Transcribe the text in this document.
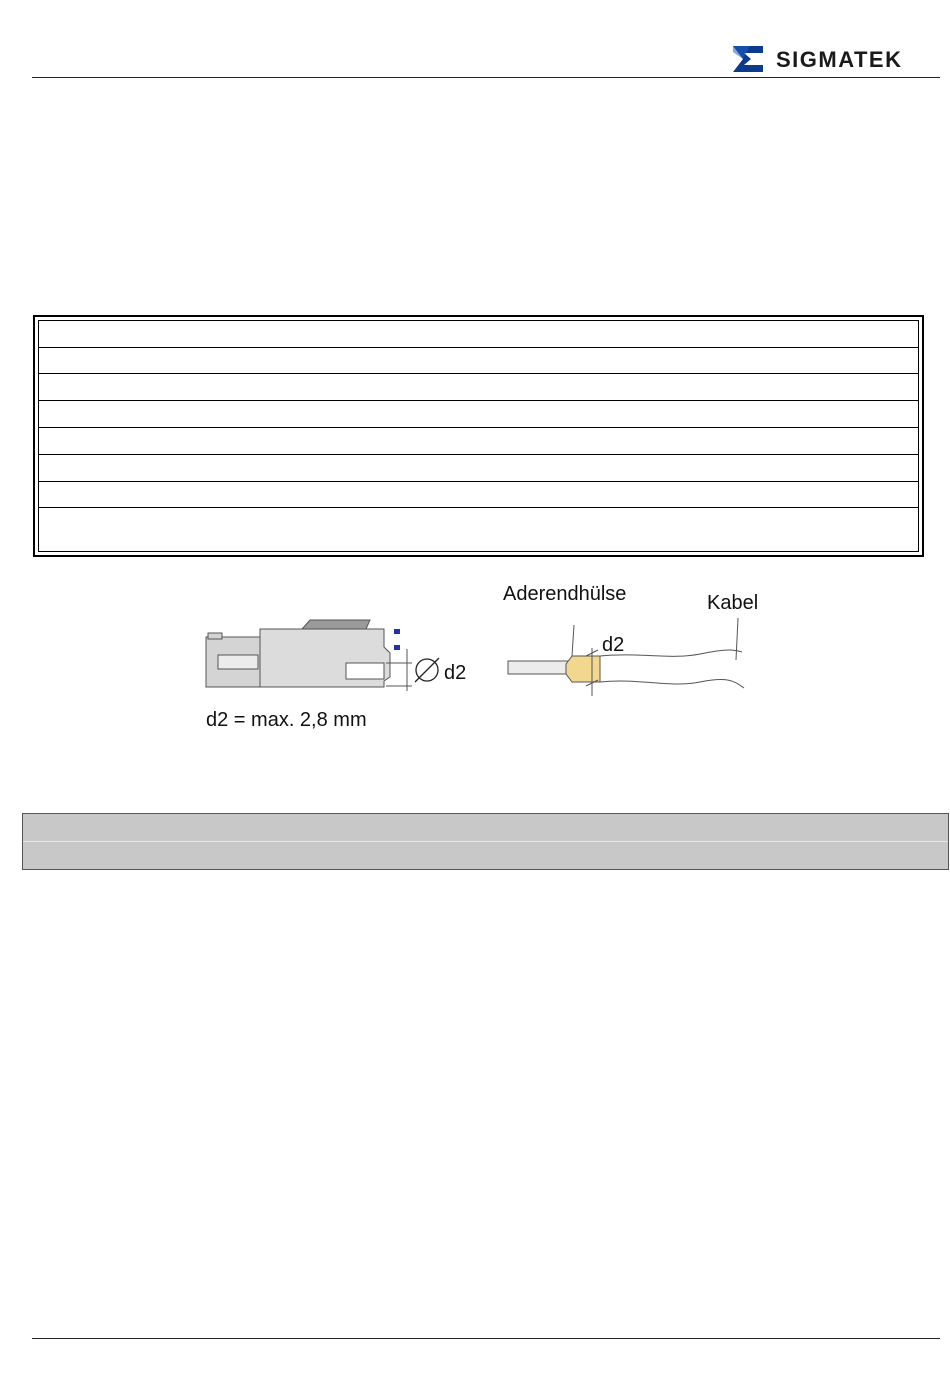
SIGMATEK
d2
d2 = max. 2,8 mm
Aderendhülse	Kabel
d2
